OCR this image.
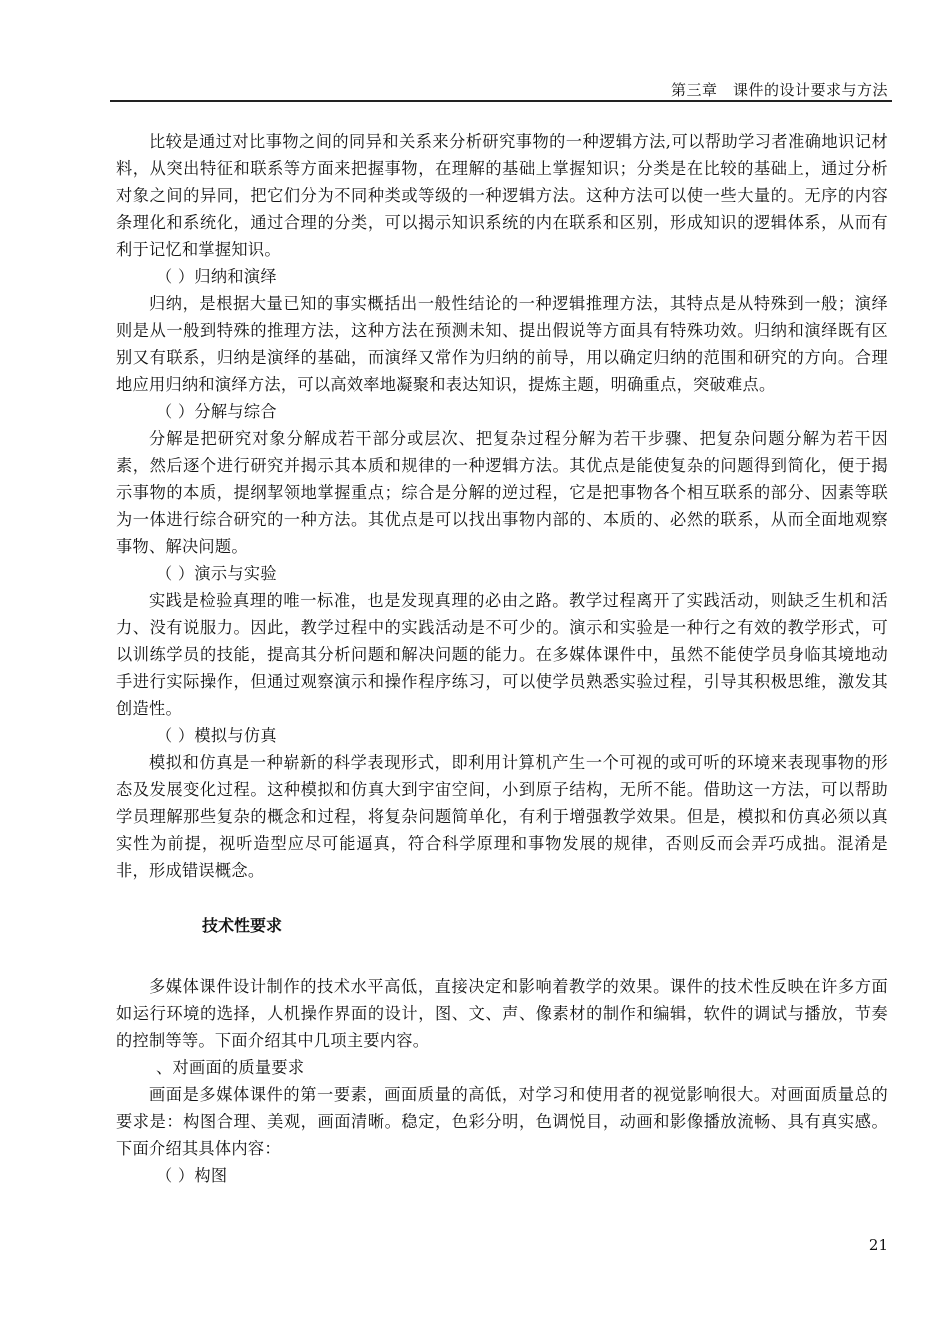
第三章　课件的设计要求与方法

比较是通过对比事物之间的同异和关系来分析研究事物的一种逻辑方法,可以帮助学习者准确地识记材料，从突出特征和联系等方面来把握事物，在理解的基础上掌握知识；分类是在比较的基础上，通过分析对象之间的异同，把它们分为不同种类或等级的一种逻辑方法。这种方法可以使一些大量的。无序的内容条理化和系统化，通过合理的分类，可以揭示知识系统的内在联系和区别，形成知识的逻辑体系，从而有利于记忆和掌握知识。

（ ）归纳和演绎

归纳，是根据大量已知的事实概括出一般性结论的一种逻辑推理方法，其特点是从特殊到一般；演绎则是从一般到特殊的推理方法，这种方法在预测未知、提出假说等方面具有特殊功效。归纳和演绎既有区别又有联系，归纳是演绎的基础，而演绎又常作为归纳的前导，用以确定归纳的范围和研究的方向。合理地应用归纳和演绎方法，可以高效率地凝聚和表达知识，提炼主题，明确重点，突破难点。

（ ）分解与综合

分解是把研究对象分解成若干部分或层次、把复杂过程分解为若干步骤、把复杂问题分解为若干因素，然后逐个进行研究并揭示其本质和规律的一种逻辑方法。其优点是能使复杂的问题得到简化，便于揭示事物的本质，提纲挈领地掌握重点；综合是分解的逆过程，它是把事物各个相互联系的部分、因素等联为一体进行综合研究的一种方法。其优点是可以找出事物内部的、本质的、必然的联系，从而全面地观察事物、解决问题。

（ ）演示与实验

实践是检验真理的唯一标准，也是发现真理的必由之路。教学过程离开了实践活动，则缺乏生机和活力、没有说服力。因此，教学过程中的实践活动是不可少的。演示和实验是一种行之有效的教学形式，可以训练学员的技能，提高其分析问题和解决问题的能力。在多媒体课件中，虽然不能使学员身临其境地动手进行实际操作，但通过观察演示和操作程序练习，可以使学员熟悉实验过程，引导其积极思维，激发其创造性。

（ ）模拟与仿真

模拟和仿真是一种崭新的科学表现形式，即利用计算机产生一个可视的或可听的环境来表现事物的形态及发展变化过程。这种模拟和仿真大到宇宙空间，小到原子结构，无所不能。借助这一方法，可以帮助学员理解那些复杂的概念和过程，将复杂问题简单化，有利于增强教学效果。但是，模拟和仿真必须以真实性为前提，视听造型应尽可能逼真，符合科学原理和事物发展的规律，否则反而会弄巧成拙。混淆是非，形成错误概念。

技术性要求

多媒体课件设计制作的技术水平高低，直接决定和影响着教学的效果。课件的技术性反映在许多方面 如运行环境的选择，人机操作界面的设计，图、文、声、像素材的制作和编辑，软件的调试与播放，节奏的控制等等。下面介绍其中几项主要内容。

、对画面的质量要求

画面是多媒体课件的第一要素，画面质量的高低，对学习和使用者的视觉影响很大。对画面质量总的要求是：构图合理、美观，画面清晰。稳定，色彩分明，色调悦目，动画和影像播放流畅、具有真实感。下面介绍其具体内容：

（ ）构图

21
